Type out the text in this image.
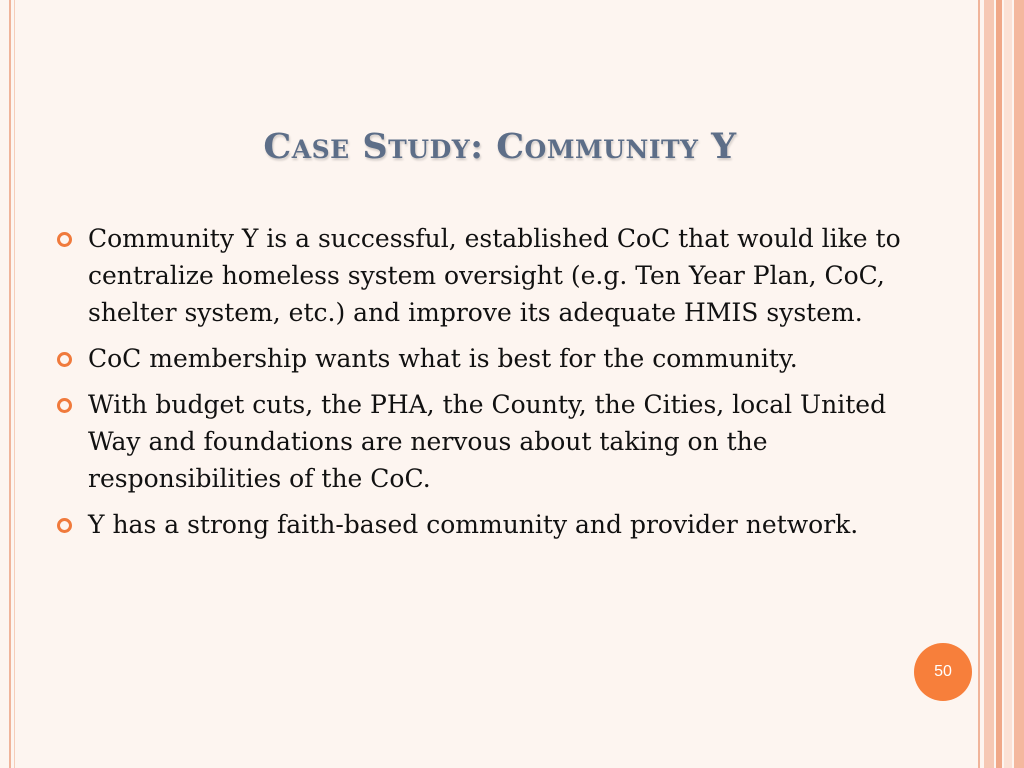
Case Study: Community Y
Community Y is a successful, established CoC that would like to centralize homeless system oversight (e.g. Ten Year Plan, CoC, shelter system, etc.) and improve its adequate HMIS system.
CoC membership wants what is best for the community.
With budget cuts, the PHA, the County, the Cities, local United Way and foundations are nervous about taking on the responsibilities of the CoC.
Y has a strong faith-based community and provider network.
50
